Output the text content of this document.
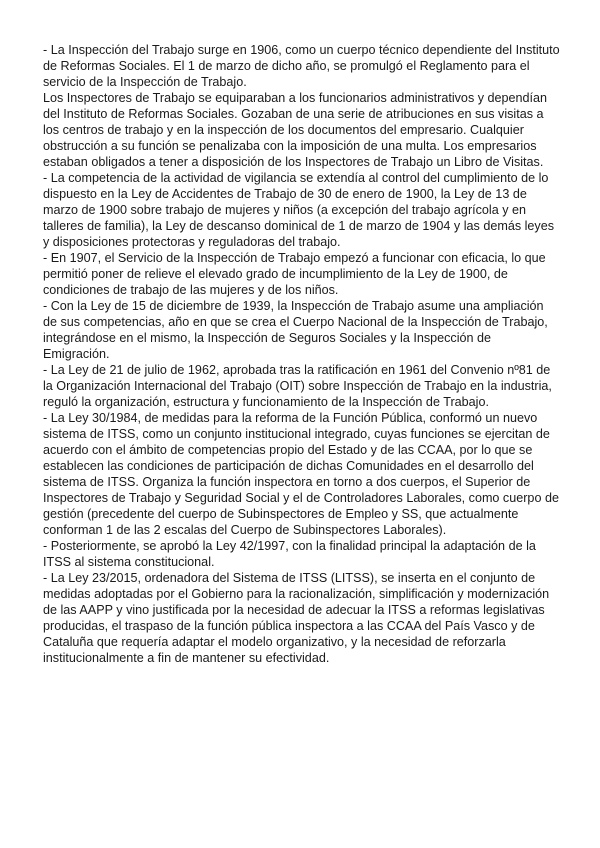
- La Inspección del Trabajo surge en 1906, como un cuerpo técnico dependiente del Instituto de Reformas Sociales. El 1 de marzo de dicho año, se promulgó el Reglamento para el servicio de la Inspección de Trabajo.

Los Inspectores de Trabajo se equiparaban a los funcionarios administrativos y dependían del Instituto de Reformas Sociales. Gozaban de una serie de atribuciones en sus visitas a los centros de trabajo y en la inspección de los documentos del empresario. Cualquier obstrucción a su función se penalizaba con la imposición de una multa. Los empresarios estaban obligados a tener a disposición de los Inspectores de Trabajo un Libro de Visitas.

- La competencia de la actividad de vigilancia se extendía al control del cumplimiento de lo dispuesto en la Ley de Accidentes de Trabajo de 30 de enero de 1900, la Ley de 13 de marzo de 1900 sobre trabajo de mujeres y niños (a excepción del trabajo agrícola y en talleres de familia), la Ley de descanso dominical de 1 de marzo de 1904 y las demás leyes y disposiciones protectoras y reguladoras del trabajo.

- En 1907, el Servicio de la Inspección de Trabajo empezó a funcionar con eficacia, lo que permitió poner de relieve el elevado grado de incumplimiento de la Ley de 1900, de condiciones de trabajo de las mujeres y de los niños.

- Con la Ley de 15 de diciembre de 1939, la Inspección de Trabajo asume una ampliación de sus competencias, año en que se crea el Cuerpo Nacional de la Inspección de Trabajo, integrándose en el mismo, la Inspección de Seguros Sociales y la Inspección de Emigración.

- La Ley de 21 de julio de 1962, aprobada tras la ratificación en 1961 del Convenio nº81 de la Organización Internacional del Trabajo (OIT) sobre Inspección de Trabajo en la industria, reguló la organización, estructura y funcionamiento de la Inspección de Trabajo.

- La Ley 30/1984, de medidas para la reforma de la Función Pública, conformó un nuevo sistema de ITSS, como un conjunto institucional integrado, cuyas funciones se ejercitan de acuerdo con el ámbito de competencias propio del Estado y de las CCAA, por lo que se establecen las condiciones de participación de dichas Comunidades en el desarrollo del sistema de ITSS. Organiza la función inspectora en torno a dos cuerpos, el Superior de Inspectores de Trabajo y Seguridad Social y el de Controladores Laborales, como cuerpo de gestión (precedente del cuerpo de Subinspectores de Empleo y SS, que actualmente conforman 1 de las 2 escalas del Cuerpo de Subinspectores Laborales).

- Posteriormente, se aprobó la Ley 42/1997, con la finalidad principal la adaptación de la ITSS al sistema constitucional.

- La Ley 23/2015, ordenadora del Sistema de ITSS (LITSS), se inserta en el conjunto de medidas adoptadas por el Gobierno para la racionalización, simplificación y modernización de las AAPP y vino justificada por la necesidad de adecuar la ITSS a reformas legislativas producidas, el traspaso de la función pública inspectora a las CCAA del País Vasco y de Cataluña que requería adaptar el modelo organizativo, y la necesidad de reforzarla institucionalmente a fin de mantener su efectividad.
